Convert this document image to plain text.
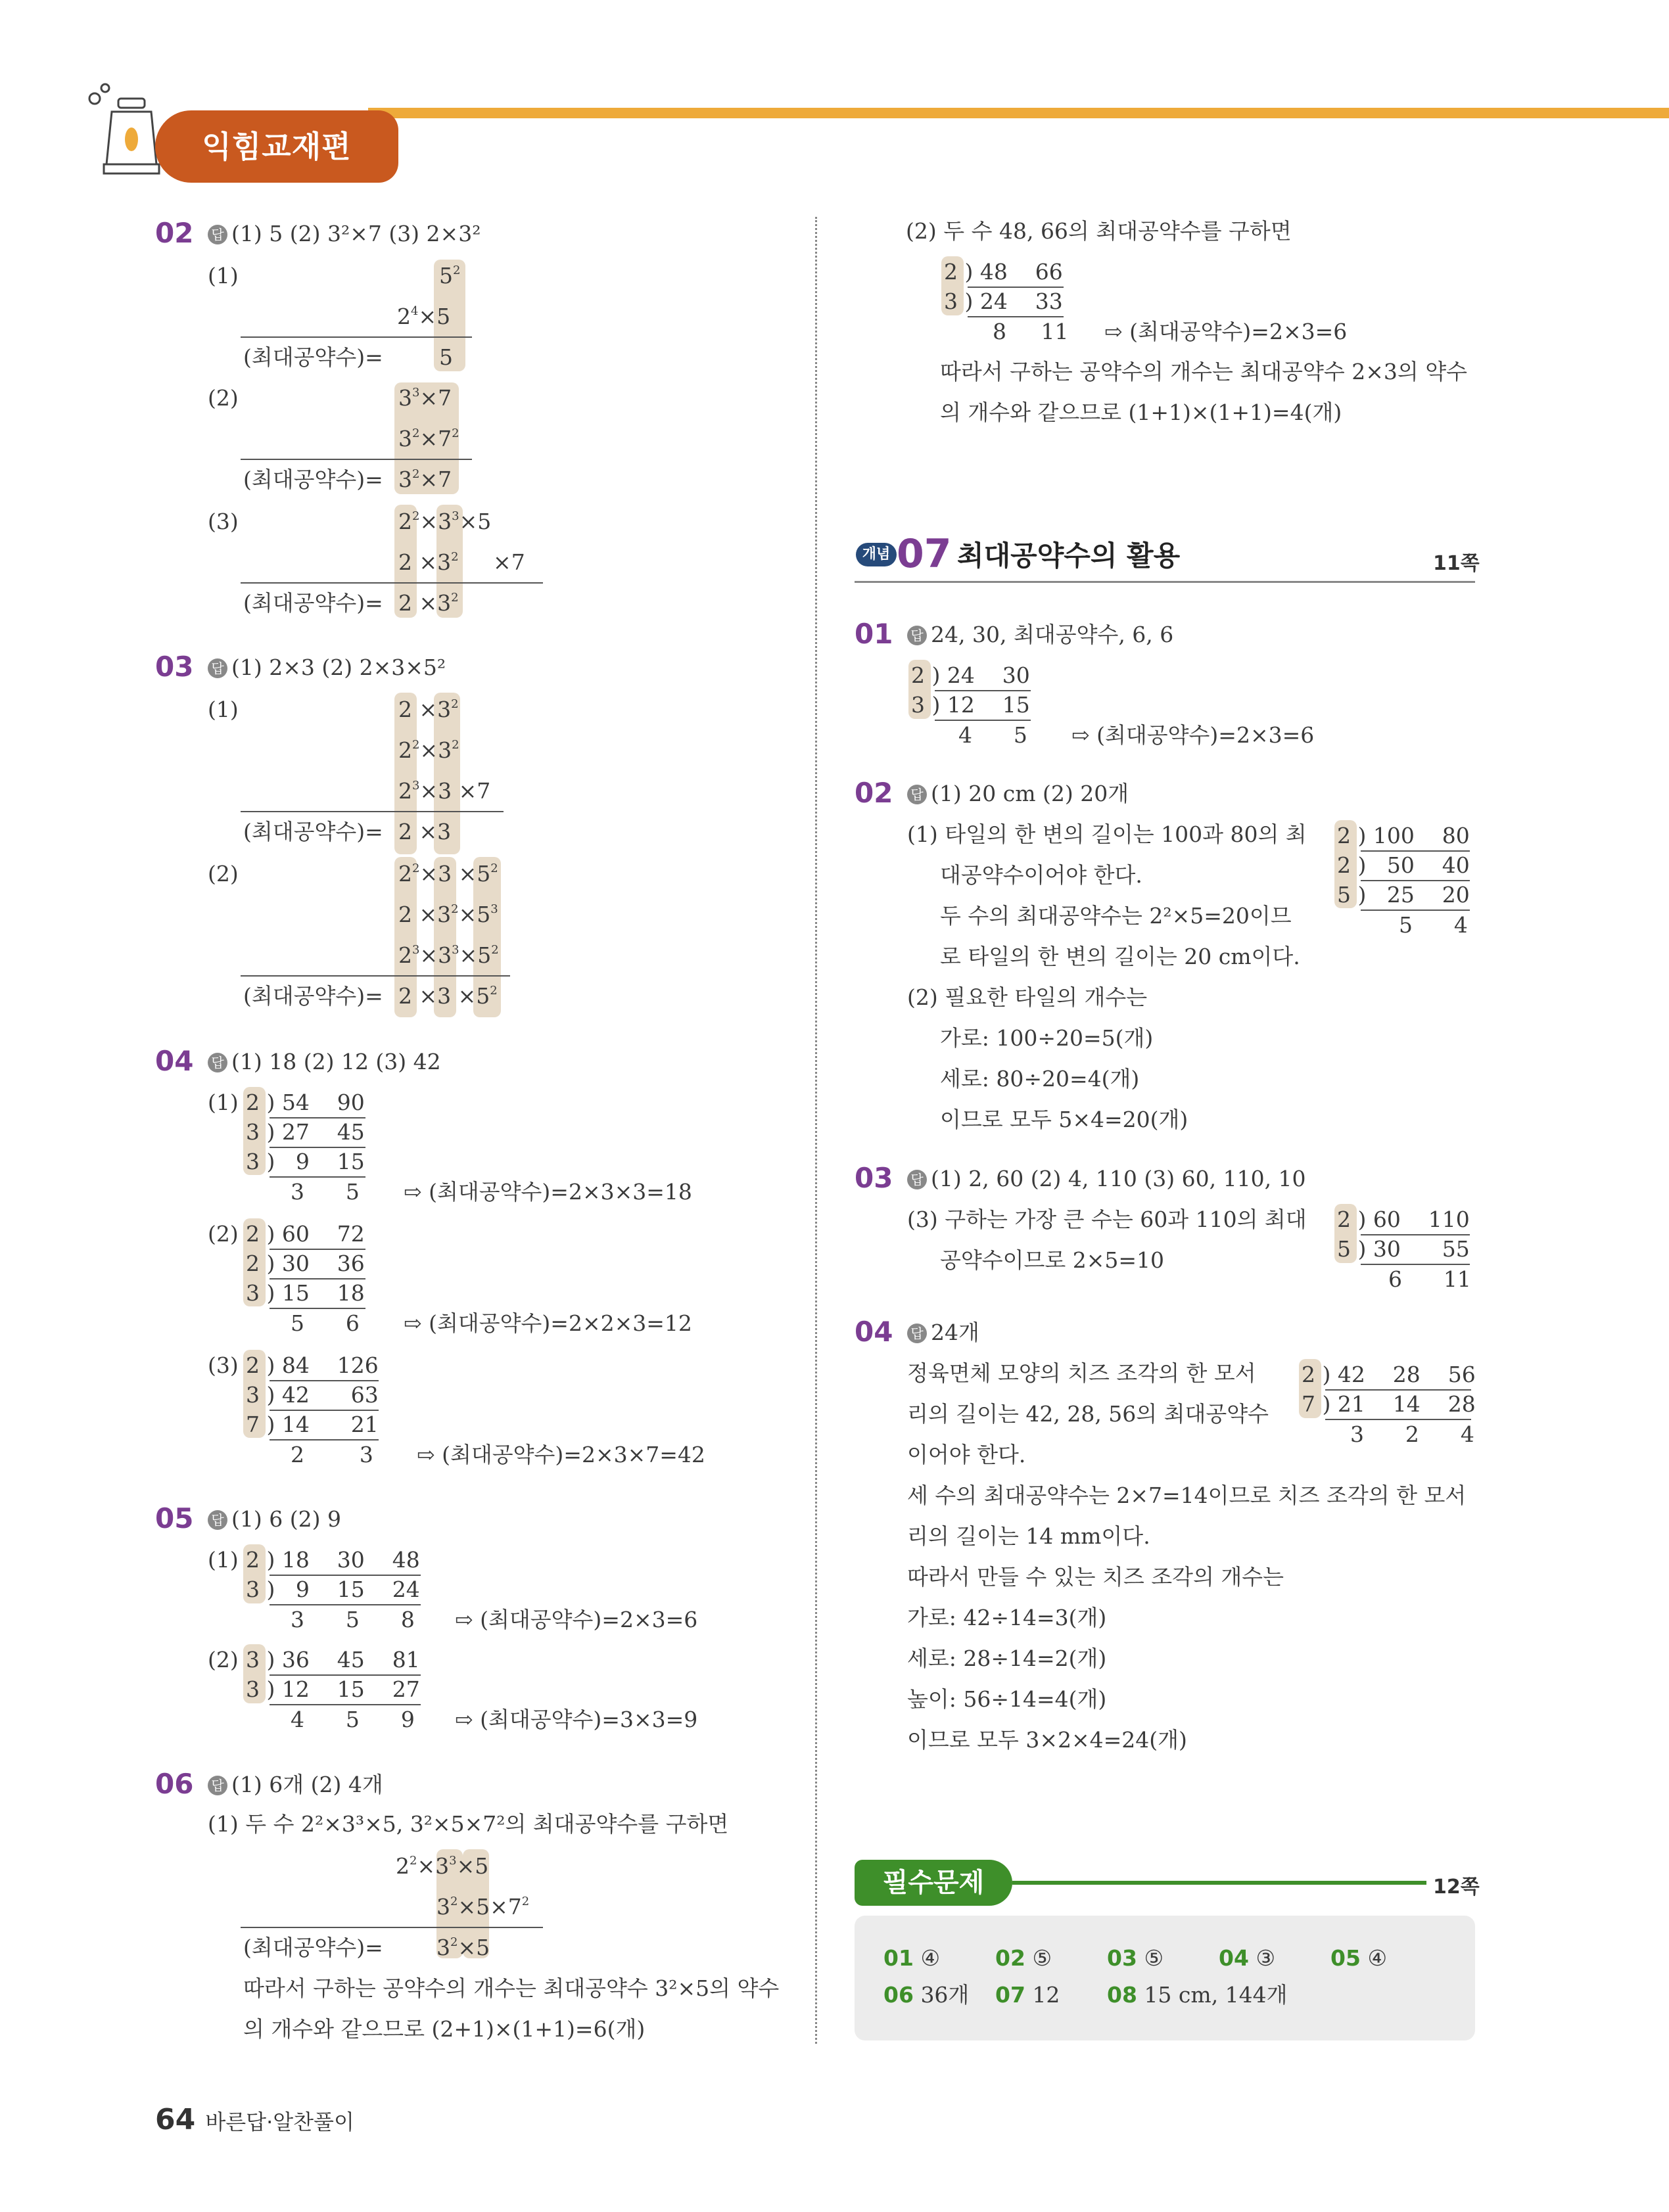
익힘교재편
02 답 (1) 5 (2) 3²×7 (3) 2×3²
(1)	$5^2$
$2^4\times 5$
(최대공약수)=	5
(2)	$3^3\times 7$
$3^2\times 7^2$
(최대공약수)= $3^2\times 7$
(3)	$2^2\times 3^3\times 5$
$2 \times 3^2$     ×7
(최대공약수)= $2 \times 3^2$
03 답 (1) 2×3 (2) 2×3×5²
(1)	$2 \times 3^2$
$2^2\times 3^2$
$2^3\times 3 \times 7$
(최대공약수)= 2 ×3
(2)	$2^2\times 3 \times 5^2$
$2 \times 3^2\times 5^3$
$2^3\times 3^3\times 5^2$
(최대공약수)= $2 \times 3 \times 5^2$
04 답 (1) 18 (2) 12 (3) 42
(1) 2 ) 54    90
3 ) 27    45
3 )   9    15
3      5 ⇨ (최대공약수)=2×3×3=18
(2) 2 ) 60    72
2 ) 30    36
3 ) 15    18
5      6 ⇨ (최대공약수)=2×2×3=12
(3) 2 ) 84    126
3 ) 42      63
7 ) 14      21
2        3 ⇨ (최대공약수)=2×3×7=42
05 답 (1) 6 (2) 9
(1) 2 ) 18    30    48
3 )   9    15    24
3      5      8 ⇨ (최대공약수)=2×3=6
(2) 3 ) 36    45    81
3 ) 12    15    27
4      5      9 ⇨ (최대공약수)=3×3=9
06 답 (1) 6개 (2) 4개
(1) 두 수 2²×3³×5, 3²×5×7²의 최대공약수를 구하면
$2^2\times 3^3\times 5$
$3^2\times 5\times 7^2$
(최대공약수)= $3^2\times 5$
따라서 구하는 공약수의 개수는 최대공약수 3²×5의 약수
의 개수와 같으므로 (2+1)×(1+1)=6(개)
(2) 두 수 48, 66의 최대공약수를 구하면
2 ) 48    66
3 ) 24    33
8     11 ⇨ (최대공약수)=2×3=6
따라서 구하는 공약수의 개수는 최대공약수 2×3의 약수
의 개수와 같으므로 (1+1)×(1+1)=4(개)
개념 07 최대공약수의 활용	11쪽
01 답 24, 30, 최대공약수, 6, 6
2 ) 24    30
3 ) 12    15
4      5 ⇨ (최대공약수)=2×3=6
02 답 (1) 20 cm (2) 20개
(1) 타일의 한 변의 길이는 100과 80의 최
대공약수이어야 한다.
두 수의 최대공약수는 2²×5=20이므
로 타일의 한 변의 길이는 20 cm이다.
2 ) 100    80
2 )   50    40
5 )   25    20
5      4
(2) 필요한 타일의 개수는
가로: 100÷20=5(개)
세로: 80÷20=4(개)
이므로 모두 5×4=20(개)
03 답 (1) 2, 60 (2) 4, 110 (3) 60, 110, 10
(3) 구하는 가장 큰 수는 60과 110의 최대
공약수이므로 2×5=10
2 ) 60    110
5 ) 30      55
6      11
04 답 24개
정육면체 모양의 치즈 조각의 한 모서
리의 길이는 42, 28, 56의 최대공약수
이어야 한다.
2 ) 42    28    56
7 ) 21    14    28
3      2      4
세 수의 최대공약수는 2×7=14이므로 치즈 조각의 한 모서
리의 길이는 14 mm이다.
따라서 만들 수 있는 치즈 조각의 개수는
가로: 42÷14=3(개)
세로: 28÷14=2(개)
높이: 56÷14=4(개)
이므로 모두 3×2×4=24(개)
필수문제	12쪽
01 ④	02 ⑤	03 ⑤	04 ③	05 ④
06 36개 07 12 08 15 cm, 144개
64 바른답·알찬풀이
